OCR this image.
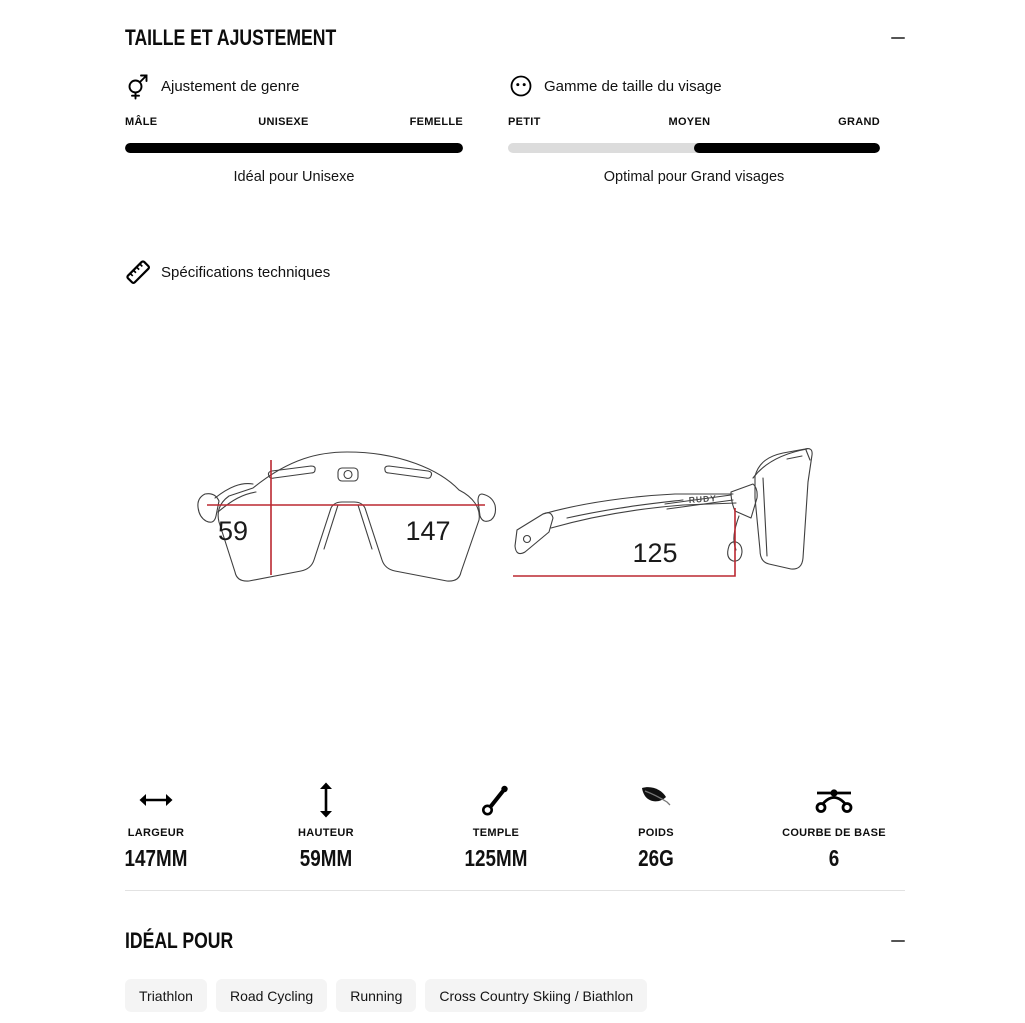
TAILLE ET AJUSTEMENT
Ajustement de genre
MÂLE	UNISEXE	FEMELLE
Idéal pour Unisexe
Gamme de taille du visage
PETIT	MOYEN	GRAND
Optimal pour Grand visages
Spécifications techniques
59	147
RUDY
125
LARGEUR
147MM
HAUTEUR
59MM
TEMPLE
125MM
POIDS
26G
COURBE DE BASE
6
IDÉAL POUR
Triathlon	Road Cycling	Running	Cross Country Skiing / Biathlon
